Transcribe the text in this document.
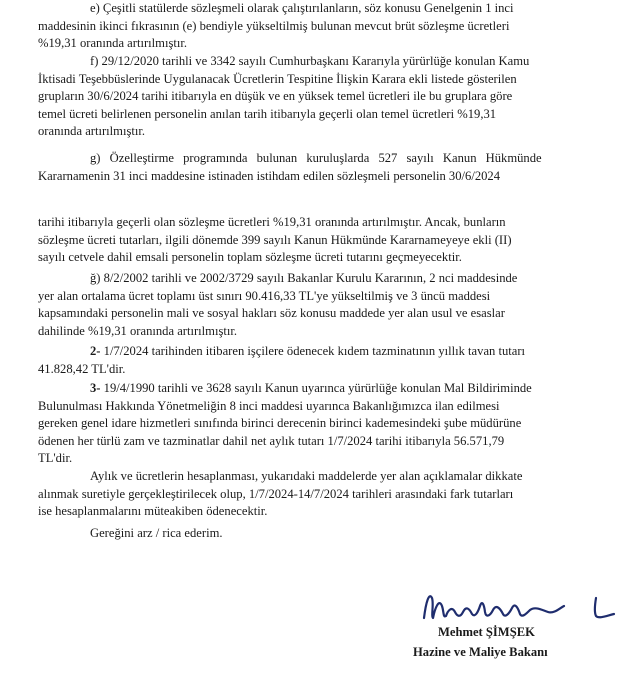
e) Çeşitli statülerde sözleşmeli olarak çalıştırılanların, söz konusu Genelgenin 1 inci

maddesinin ikinci fıkrasının (e) bendiyle yükseltilmiş bulunan mevcut brüt sözleşme ücretleri

%19,31 oranında artırılmıştır.

f) 29/12/2020 tarihli ve 3342 sayılı Cumhurbaşkanı Kararıyla yürürlüğe konulan Kamu

İktisadi Teşebbüslerinde Uygulanacak Ücretlerin Tespitine İlişkin Karara ekli listede gösterilen

grupların 30/6/2024 tarihi itibarıyla en düşük ve en yüksek temel ücretleri ile bu gruplara göre

temel ücreti belirlenen personelin anılan tarih itibarıyla geçerli olan temel ücretleri %19,31

oranında artırılmıştır.

g) Özelleştirme programında bulunan kuruluşlarda 527 sayılı Kanun Hükmünde

Kararnamenin 31 inci maddesine istinaden istihdam edilen sözleşmeli personelin 30/6/2024

tarihi itibarıyla geçerli olan sözleşme ücretleri %19,31 oranında artırılmıştır. Ancak, bunların

sözleşme ücreti tutarları, ilgili dönemde 399 sayılı Kanun Hükmünde Kararnameyeye ekli (II)

sayılı cetvele dahil emsali personelin toplam sözleşme ücreti tutarını geçmeyecektir.

ğ) 8/2/2002 tarihli ve 2002/3729 sayılı Bakanlar Kurulu Kararının, 2 nci maddesinde

yer alan ortalama ücret toplamı üst sınırı 90.416,33 TL'ye yükseltilmiş ve 3 üncü maddesi

kapsamındaki personelin mali ve sosyal hakları söz konusu maddede yer alan usul ve esaslar

dahilinde %19,31 oranında artırılmıştır.

2- 1/7/2024 tarihinden itibaren işçilere ödenecek kıdem tazminatının yıllık tavan tutarı

41.828,42 TL'dir.

3- 19/4/1990 tarihli ve 3628 sayılı Kanun uyarınca yürürlüğe konulan Mal Bildiriminde

Bulunulması Hakkında Yönetmeliğin 8 inci maddesi uyarınca Bakanlığımızca ilan edilmesi

gereken genel idare hizmetleri sınıfında birinci derecenin birinci kademesindeki şube müdürüne

ödenen her türlü zam ve tazminatlar dahil net aylık tutarı 1/7/2024 tarihi itibarıyla 56.571,79

TL'dir.

Aylık ve ücretlerin hesaplanması, yukarıdaki maddelerde yer alan açıklamalar dikkate

alınmak suretiyle gerçekleştirilecek olup, 1/7/2024-14/7/2024 tarihleri arasındaki fark tutarları

ise hesaplanmalarını müteakiben ödenecektir.

Gereğini arz / rica ederim.

Mehmet ŞİMŞEK
Hazine ve Maliye Bakanı
